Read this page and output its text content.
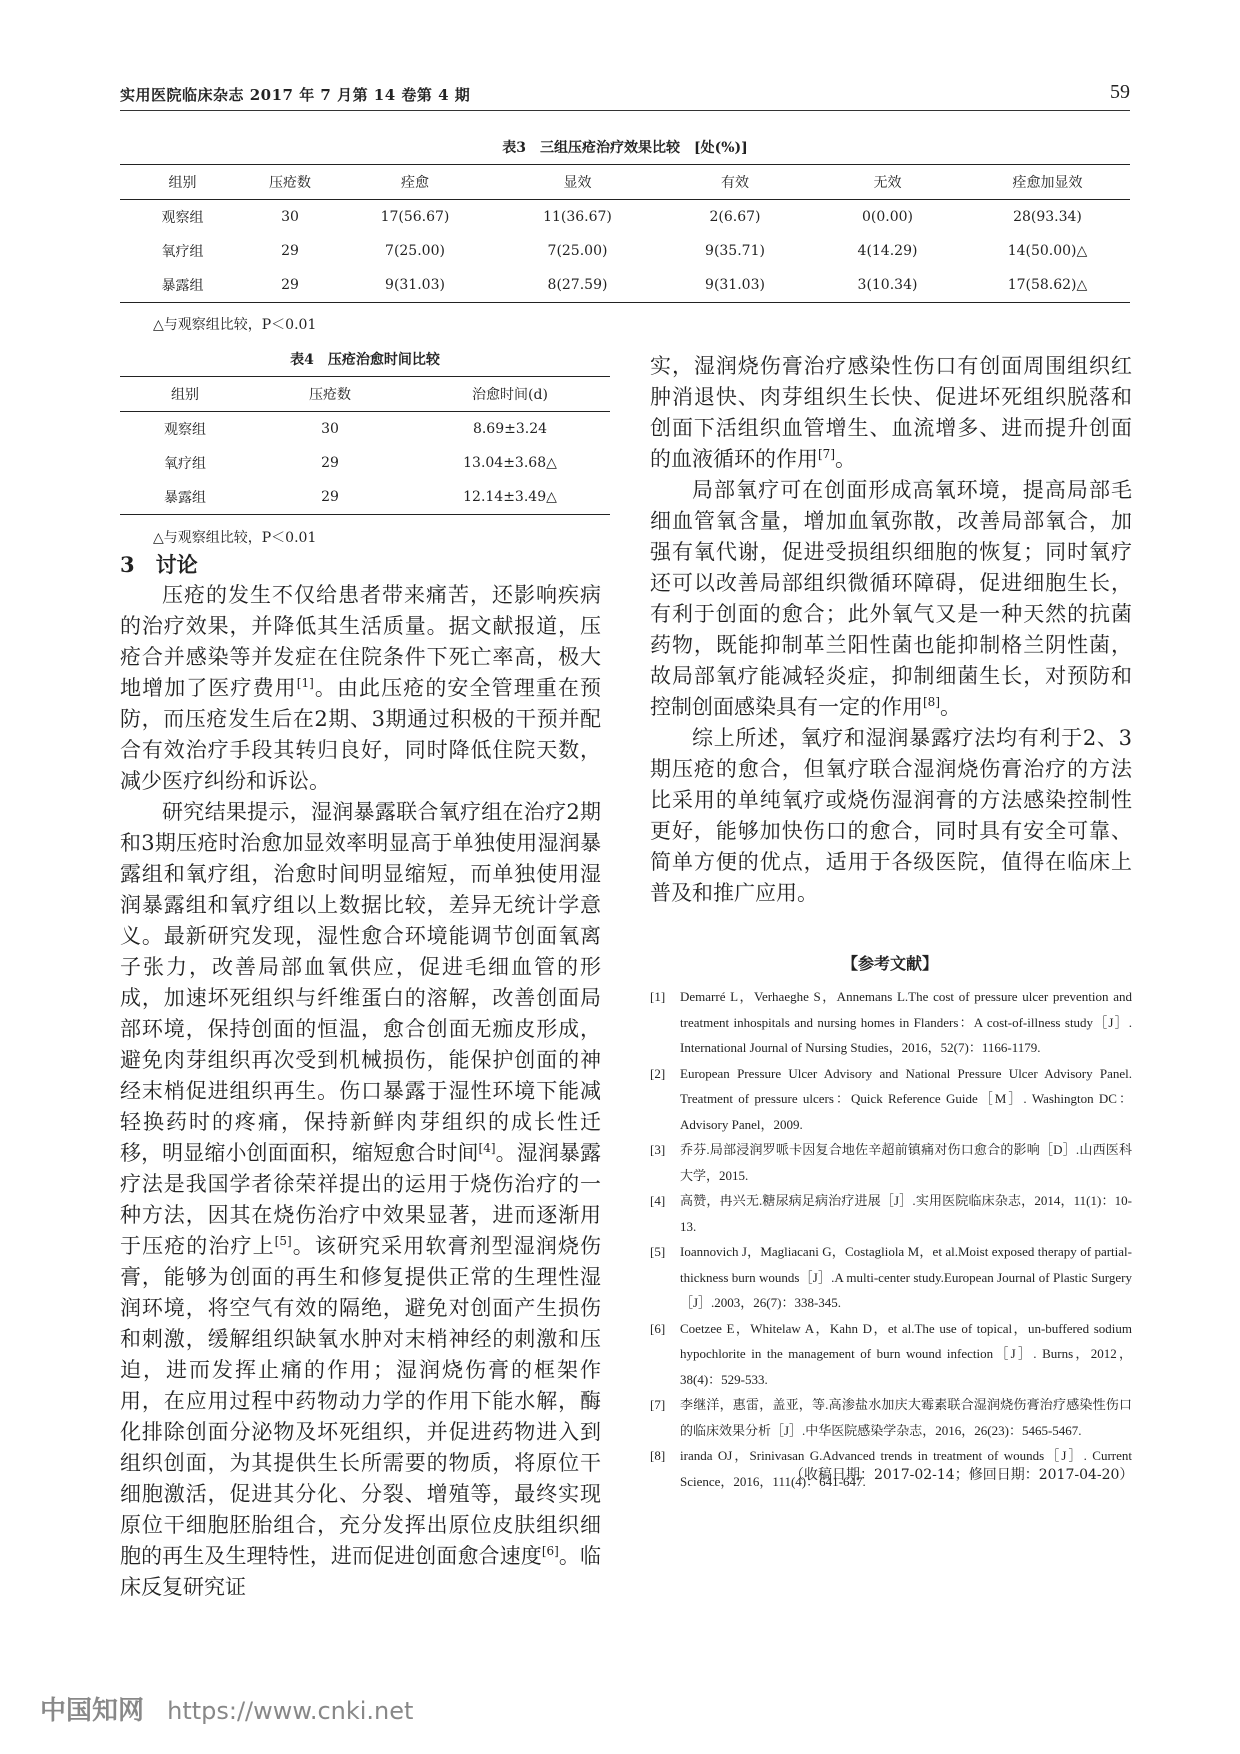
实用医院临床杂志 2017 年 7 月第 14 卷第 4 期	59
表3　三组压疮治疗效果比较　[处(%)]
组别	压疮数	痊愈	显效	有效	无效	痊愈加显效
观察组	30	17(56.67)	11(36.67)	2(6.67)	0(0.00)	28(93.34)
氧疗组	29	7(25.00)	7(25.00)	9(35.71)	4(14.29)	14(50.00)△
暴露组	29	9(31.03)	8(27.59)	9(31.03)	3(10.34)	17(58.62)△
△与观察组比较，P＜0.01
表4　压疮治愈时间比较
组别	压疮数	治愈时间(d)
观察组	30	8.69±3.24
氧疗组	29	13.04±3.68△
暴露组	29	12.14±3.49△
△与观察组比较，P＜0.01

3　讨论

压疮的发生不仅给患者带来痛苦，还影响疾病的治疗效果，并降低其生活质量。据文献报道，压疮合并感染等并发症在住院条件下死亡率高，极大地增加了医疗费用[1]。由此压疮的安全管理重在预防，而压疮发生后在2期、3期通过积极的干预并配合有效治疗手段其转归良好，同时降低住院天数，减少医疗纠纷和诉讼。

研究结果提示，湿润暴露联合氧疗组在治疗2期和3期压疮时治愈加显效率明显高于单独使用湿润暴露组和氧疗组，治愈时间明显缩短，而单独使用湿润暴露组和氧疗组以上数据比较，差异无统计学意义。最新研究发现，湿性愈合环境能调节创面氧离子张力，改善局部血氧供应，促进毛细血管的形成，加速坏死组织与纤维蛋白的溶解，改善创面局部环境，保持创面的恒温，愈合创面无痂皮形成，避免肉芽组织再次受到机械损伤，能保护创面的神经末梢促进组织再生。伤口暴露于湿性环境下能减轻换药时的疼痛，保持新鲜肉芽组织的成长性迁移，明显缩小创面面积，缩短愈合时间[4]。湿润暴露疗法是我国学者徐荣祥提出的运用于烧伤治疗的一种方法，因其在烧伤治疗中效果显著，进而逐渐用于压疮的治疗上[5]。该研究采用软膏剂型湿润烧伤膏，能够为创面的再生和修复提供正常的生理性湿润环境，将空气有效的隔绝，避免对创面产生损伤和刺激，缓解组织缺氧水肿对末梢神经的刺激和压迫，进而发挥止痛的作用；湿润烧伤膏的框架作用，在应用过程中药物动力学的作用下能水解，酶化排除创面分泌物及坏死组织，并促进药物进入到组织创面，为其提供生长所需要的物质，将原位干细胞激活，促进其分化、分裂、增殖等，最终实现原位干细胞胚胎组合，充分发挥出原位皮肤组织细胞的再生及生理特性，进而促进创面愈合速度[6]。临床反复研究证

实，湿润烧伤膏治疗感染性伤口有创面周围组织红肿消退快、肉芽组织生长快、促进坏死组织脱落和创面下活组织血管增生、血流增多、进而提升创面的血液循环的作用[7]。

局部氧疗可在创面形成高氧环境，提高局部毛细血管氧含量，增加血氧弥散，改善局部氧合，加强有氧代谢，促进受损组织细胞的恢复；同时氧疗还可以改善局部组织微循环障碍，促进细胞生长，有利于创面的愈合；此外氧气又是一种天然的抗菌药物，既能抑制革兰阳性菌也能抑制格兰阴性菌，故局部氧疗能减轻炎症，抑制细菌生长，对预防和控制创面感染具有一定的作用[8]。

综上所述，氧疗和湿润暴露疗法均有利于2、3期压疮的愈合，但氧疗联合湿润烧伤膏治疗的方法比采用的单纯氧疗或烧伤湿润膏的方法感染控制性更好，能够加快伤口的愈合，同时具有安全可靠、简单方便的优点，适用于各级医院，值得在临床上普及和推广应用。

【参考文献】
[1]	Demarré L，Verhaeghe S，Annemans L.The cost of pressure ulcer prevention and treatment inhospitals and nursing homes in Flanders：A cost-of-illness study［J］. International Journal of Nursing Studies，2016，52(7)：1166-1179.
[2]	European Pressure Ulcer Advisory and National Pressure Ulcer Advisory Panel. Treatment of pressure ulcers：Quick Reference Guide［M］. Washington DC：Advisory Panel，2009.
[3]	乔芬.局部浸润罗哌卡因复合地佐辛超前镇痛对伤口愈合的影响［D］.山西医科大学，2015.
[4]	高赞，冉兴无.糖尿病足病治疗进展［J］.实用医院临床杂志，2014，11(1)：10-13.
[5]	Ioannovich J，Magliacani G，Costagliola M，et al.Moist exposed therapy of partial-thickness burn wounds［J］.A multi-center study.European Journal of Plastic Surgery［J］.2003，26(7)：338-345.
[6]	Coetzee E，Whitelaw A，Kahn D，et al.The use of topical，un-buffered sodium hypochlorite in the management of burn wound infection［J］. Burns，2012，38(4)：529-533.
[7]	李继洋，惠雷，盖亚，等.高渗盐水加庆大霉素联合湿润烧伤膏治疗感染性伤口的临床效果分析［J］.中华医院感染学杂志，2016，26(23)：5465-5467.
[8]	iranda OJ，Srinivasan G.Advanced trends in treatment of wounds［J］. Current Science，2016，111(4)：641-647.
（收稿日期：2017-02-14；修回日期：2017-04-20）
中国知网 https://www.cnki.net
